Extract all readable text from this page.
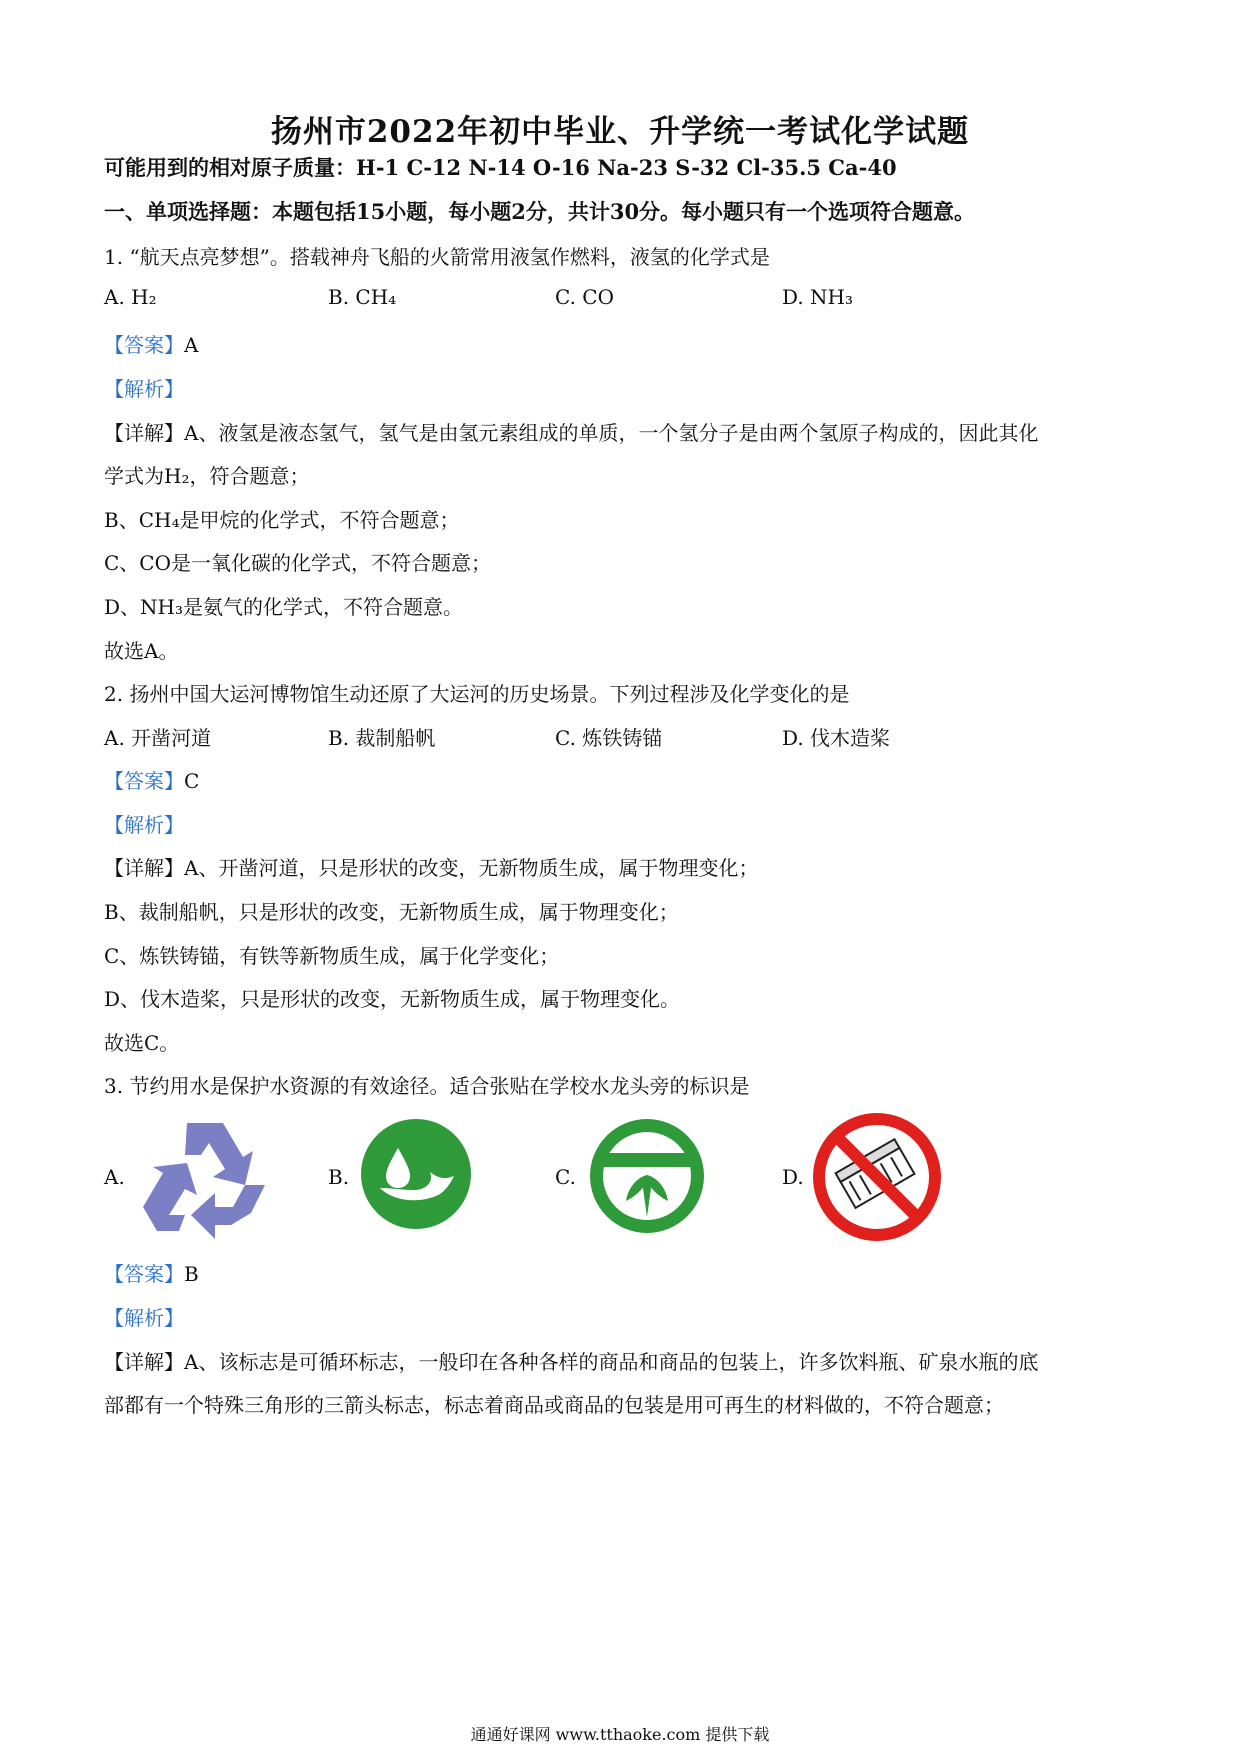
扬州市2022年初中毕业、升学统一考试化学试题
可能用到的相对原子质量：H-1 C-12 N-14 O-16 Na-23 S-32 Cl-35.5 Ca-40
一、单项选择题：本题包括15小题，每小题2分，共计30分。每小题只有一个选项符合题意。
1. “航天点亮梦想”。搭载神舟飞船的火箭常用液氢作燃料，液氢的化学式是
A. H₂	B. CH₄	C. CO	D. NH₃
【答案】A
【解析】
【详解】A、液氢是液态氢气，氢气是由氢元素组成的单质，一个氢分子是由两个氢原子构成的，因此其化
学式为H₂，符合题意；
B、CH₄是甲烷的化学式，不符合题意；
C、CO是一氧化碳的化学式，不符合题意；
D、NH₃是氨气的化学式，不符合题意。
故选A。
2. 扬州中国大运河博物馆生动还原了大运河的历史场景。下列过程涉及化学变化的是
A. 开凿河道	B. 裁制船帆	C. 炼铁铸锚	D. 伐木造桨
【答案】C
【解析】
【详解】A、开凿河道，只是形状的改变，无新物质生成，属于物理变化；
B、裁制船帆，只是形状的改变，无新物质生成，属于物理变化；
C、炼铁铸锚，有铁等新物质生成，属于化学变化；
D、伐木造桨，只是形状的改变，无新物质生成，属于物理变化。
故选C。
3. 节约用水是保护水资源的有效途径。适合张贴在学校水龙头旁的标识是
A.	B.	C.	D.
【答案】B
【解析】
【详解】A、该标志是可循环标志，一般印在各种各样的商品和商品的包装上，许多饮料瓶、矿泉水瓶的底
部都有一个特殊三角形的三箭头标志，标志着商品或商品的包装是用可再生的材料做的，不符合题意；
通通好课网 www.tthaoke.com 提供下载
